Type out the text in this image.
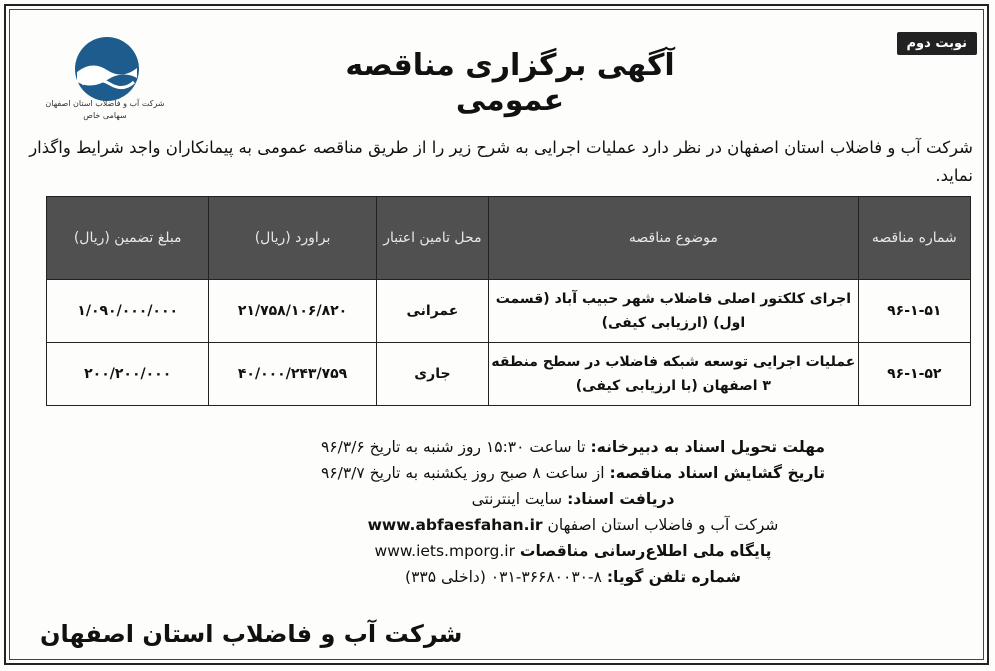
نوبت دوم
شرکت آب و فاضلاب استان اصفهان
سهامی خاص
آگهی برگزاری مناقصه عمومی
شرکت آب و فاضلاب استان اصفهان در نظر دارد عملیات اجرایی به شرح زیر را از طریق مناقصه عمومی به پیمانکاران واجد شرایط واگذار نماید.
شماره مناقصه	موضوع مناقصه	محل تامین اعتبار	براورد (ریال)	مبلغ تضمین (ریال)
۹۶-۱-۵۱	اجرای کلکتور اصلی فاضلاب شهر حبیب آباد (قسمت اول) (ارزیابی کیفی)	عمرانی	۲۱/۷۵۸/۱۰۶/۸۲۰	۱/۰۹۰/۰۰۰/۰۰۰
۹۶-۱-۵۲	عملیات اجرایی توسعه شبکه فاضلاب در سطح منطقه ۳ اصفهان (با ارزیابی کیفی)	جاری	۴۰/۰۰۰/۲۴۳/۷۵۹	۲۰۰/۲۰۰/۰۰۰
مهلت تحویل اسناد به دبیرخانه: تا ساعت ۱۵:۳۰ روز شنبه به تاریخ ۹۶/۳/۶
تاریخ گشایش اسناد مناقصه: از ساعت ۸ صبح روز یکشنبه به تاریخ ۹۶/۳/۷
دریافت اسناد: سایت اینترنتی
شرکت آب و فاضلاب استان اصفهان www.abfaesfahan.ir
پایگاه ملی اطلاع‌رسانی مناقصات www.iets.mporg.ir
شماره تلفن گویا: ۸-۳۶۶۸۰۰۳۰-۰۳۱ (داخلی ۳۳۵)
شرکت آب و فاضلاب استان اصفهان
